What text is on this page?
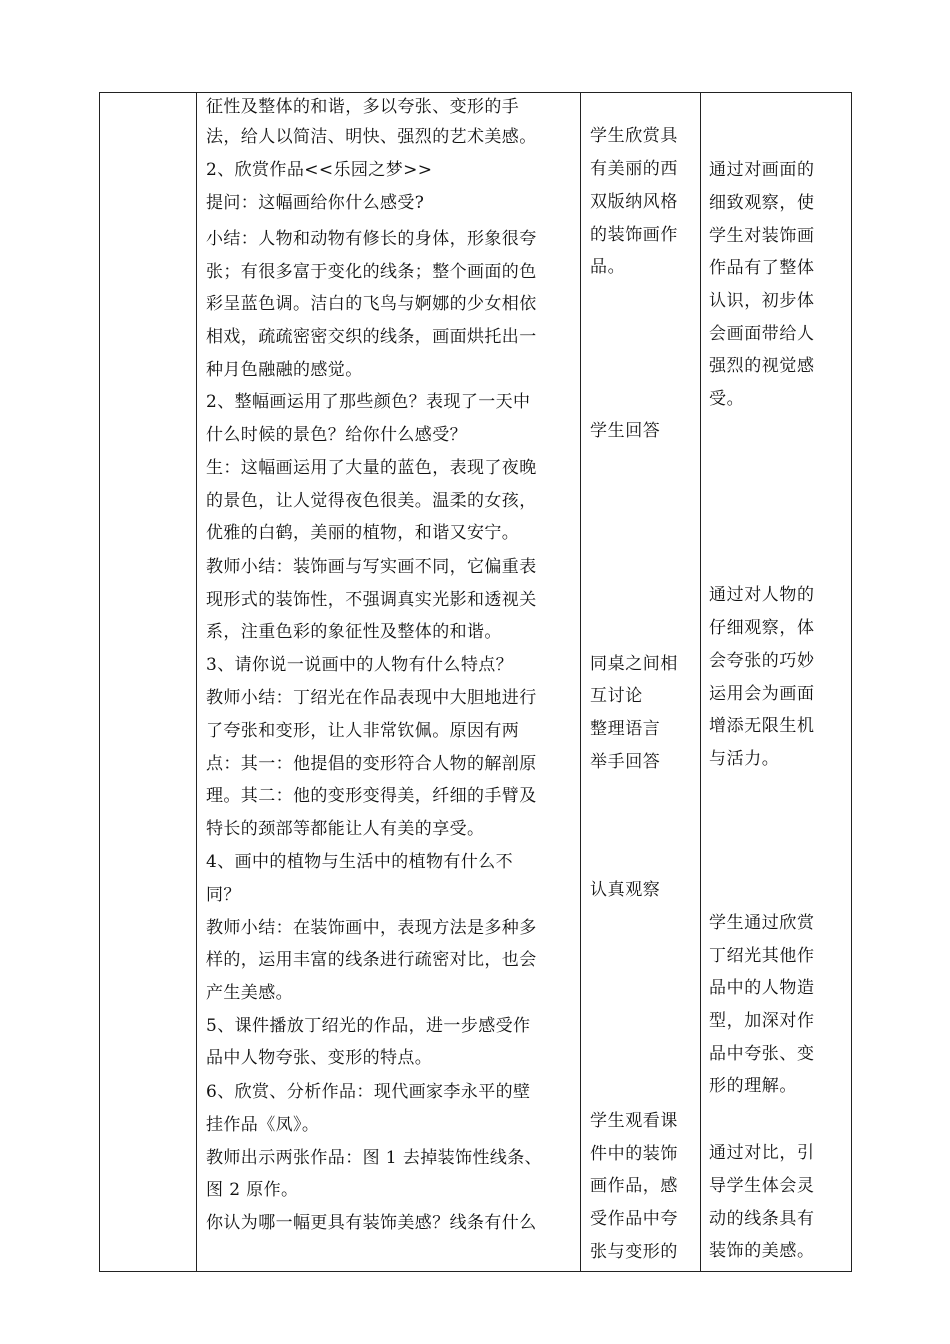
征性及整体的和谐，多以夸张、变形的手

法，给人以简洁、明快、强烈的艺术美感。

2、欣赏作品<<乐园之梦>>

提问：这幅画给你什么感受?

小结：人物和动物有修长的身体，形象很夸

张；有很多富于变化的线条；整个画面的色

彩呈蓝色调。洁白的飞鸟与婀娜的少女相依

相戏，疏疏密密交织的线条，画面烘托出一

种月色融融的感觉。

2、整幅画运用了那些颜色？表现了一天中

什么时候的景色？给你什么感受？

生：这幅画运用了大量的蓝色，表现了夜晚

的景色，让人觉得夜色很美。温柔的女孩，

优雅的白鹤，美丽的植物，和谐又安宁。

教师小结：装饰画与写实画不同，它偏重表

现形式的装饰性，不强调真实光影和透视关

系，注重色彩的象征性及整体的和谐。

3、请你说一说画中的人物有什么特点？

教师小结：丁绍光在作品表现中大胆地进行

了夸张和变形，让人非常钦佩。原因有两

点：其一：他提倡的变形符合人物的解剖原

理。其二：他的变形变得美，纤细的手臂及

特长的颈部等都能让人有美的享受。

4、画中的植物与生活中的植物有什么不

同？

教师小结：在装饰画中，表现方法是多种多

样的，运用丰富的线条进行疏密对比，也会

产生美感。

5、课件播放丁绍光的作品，进一步感受作

品中人物夸张、变形的特点。

6、欣赏、分析作品：现代画家李永平的壁

挂作品《凤》。

教师出示两张作品：图 1 去掉装饰性线条、

图 2 原作。

你认为哪一幅更具有装饰美感？线条有什么

学生欣赏具

有美丽的西

双版纳风格

的装饰画作

品。

学生回答

同桌之间相

互讨论

整理语言

举手回答

认真观察

学生观看课

件中的装饰

画作品，感

受作品中夸

张与变形的

通过对画面的

细致观察，使

学生对装饰画

作品有了整体

认识，初步体

会画面带给人

强烈的视觉感

受。

通过对人物的

仔细观察，体

会夸张的巧妙

运用会为画面

增添无限生机

与活力。

学生通过欣赏

丁绍光其他作

品中的人物造

型，加深对作

品中夸张、变

形的理解。

通过对比，引

导学生体会灵

动的线条具有

装饰的美感。
